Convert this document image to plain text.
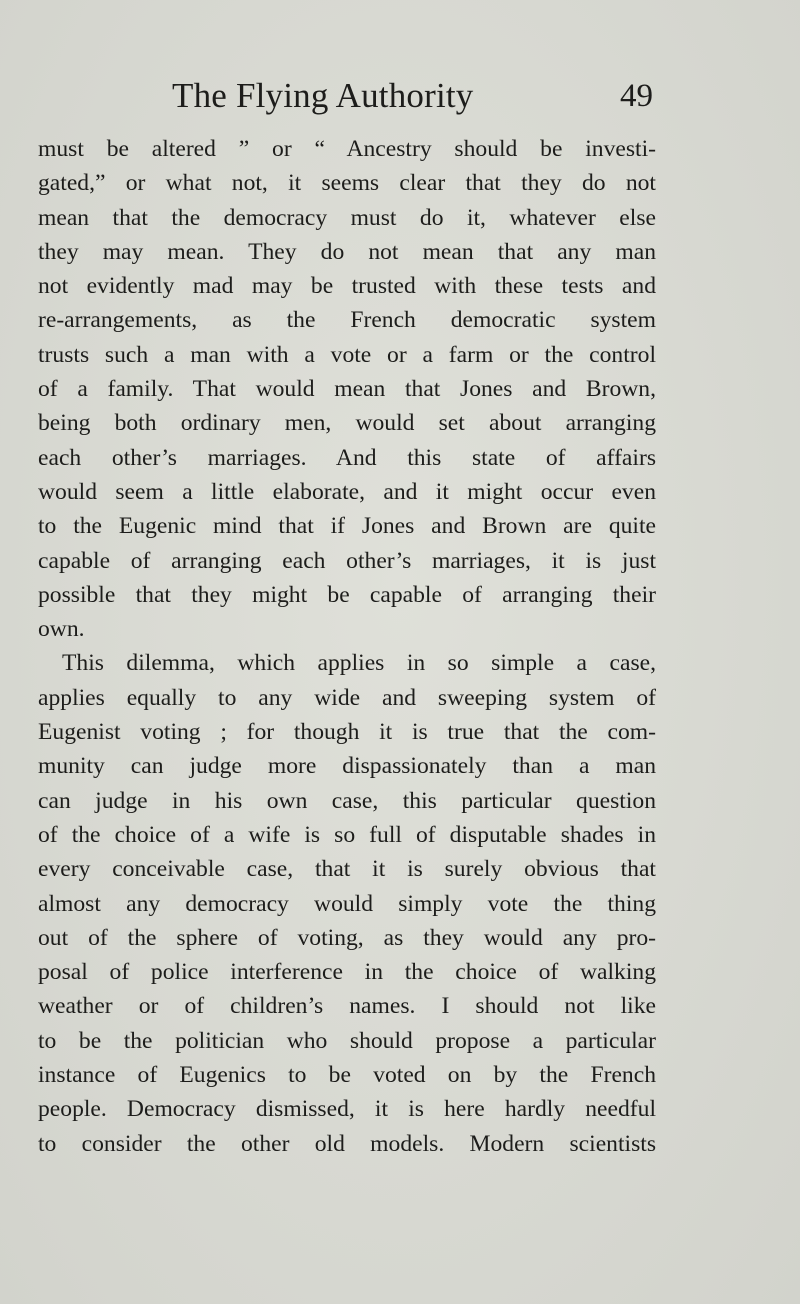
The Flying Authority	49
must be altered ” or “ Ancestry should be investi-
gated,” or what not, it seems clear that they do not
mean that the democracy must do it, whatever else
they may mean. They do not mean that any man
not evidently mad may be trusted with these tests and
re-arrangements, as the French democratic system
trusts such a man with a vote or a farm or the control
of a family. That would mean that Jones and Brown,
being both ordinary men, would set about arranging
each other’s marriages. And this state of affairs
would seem a little elaborate, and it might occur even
to the Eugenic mind that if Jones and Brown are quite
capable of arranging each other’s marriages, it is just
possible that they might be capable of arranging their
own.
This dilemma, which applies in so simple a case,
applies equally to any wide and sweeping system of
Eugenist voting ; for though it is true that the com-
munity can judge more dispassionately than a man
can judge in his own case, this particular question
of the choice of a wife is so full of disputable shades in
every conceivable case, that it is surely obvious that
almost any democracy would simply vote the thing
out of the sphere of voting, as they would any pro-
posal of police interference in the choice of walking
weather or of children’s names. I should not like
to be the politician who should propose a particular
instance of Eugenics to be voted on by the French
people. Democracy dismissed, it is here hardly needful
to consider the other old models. Modern scientists
